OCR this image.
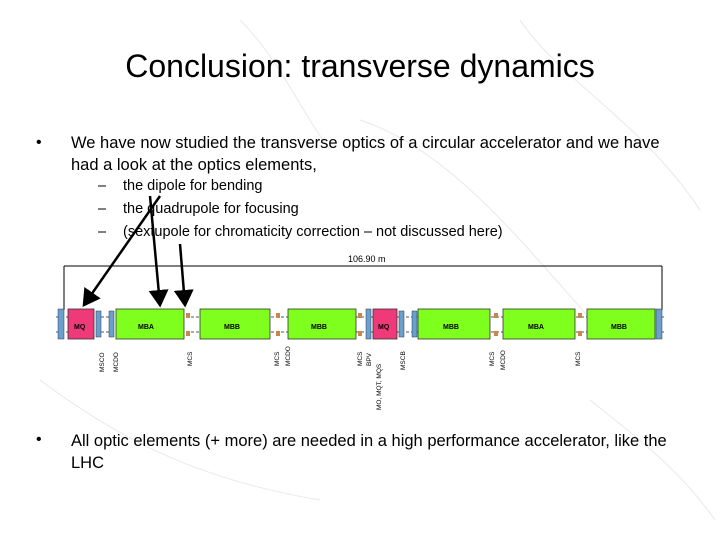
Conclusion: transverse dynamics
• We have now studied the transverse optics of a circular accelerator and we have had a look at the optics elements,
– the dipole for bending
– the quadrupole for focusing
– (sextupole for chromaticity correction – not discussed here)
106.90 m
MQ	MBA	MBB	MBB	MQ	MBB	MBA	MBB
MSCO MCDO	MCS	MCS MCDO	MCS BPV
MO, MQT, MQS
MSCB	MCS MCDO	MCS
• All optic elements (+ more) are needed in a high performance accelerator, like the LHC
